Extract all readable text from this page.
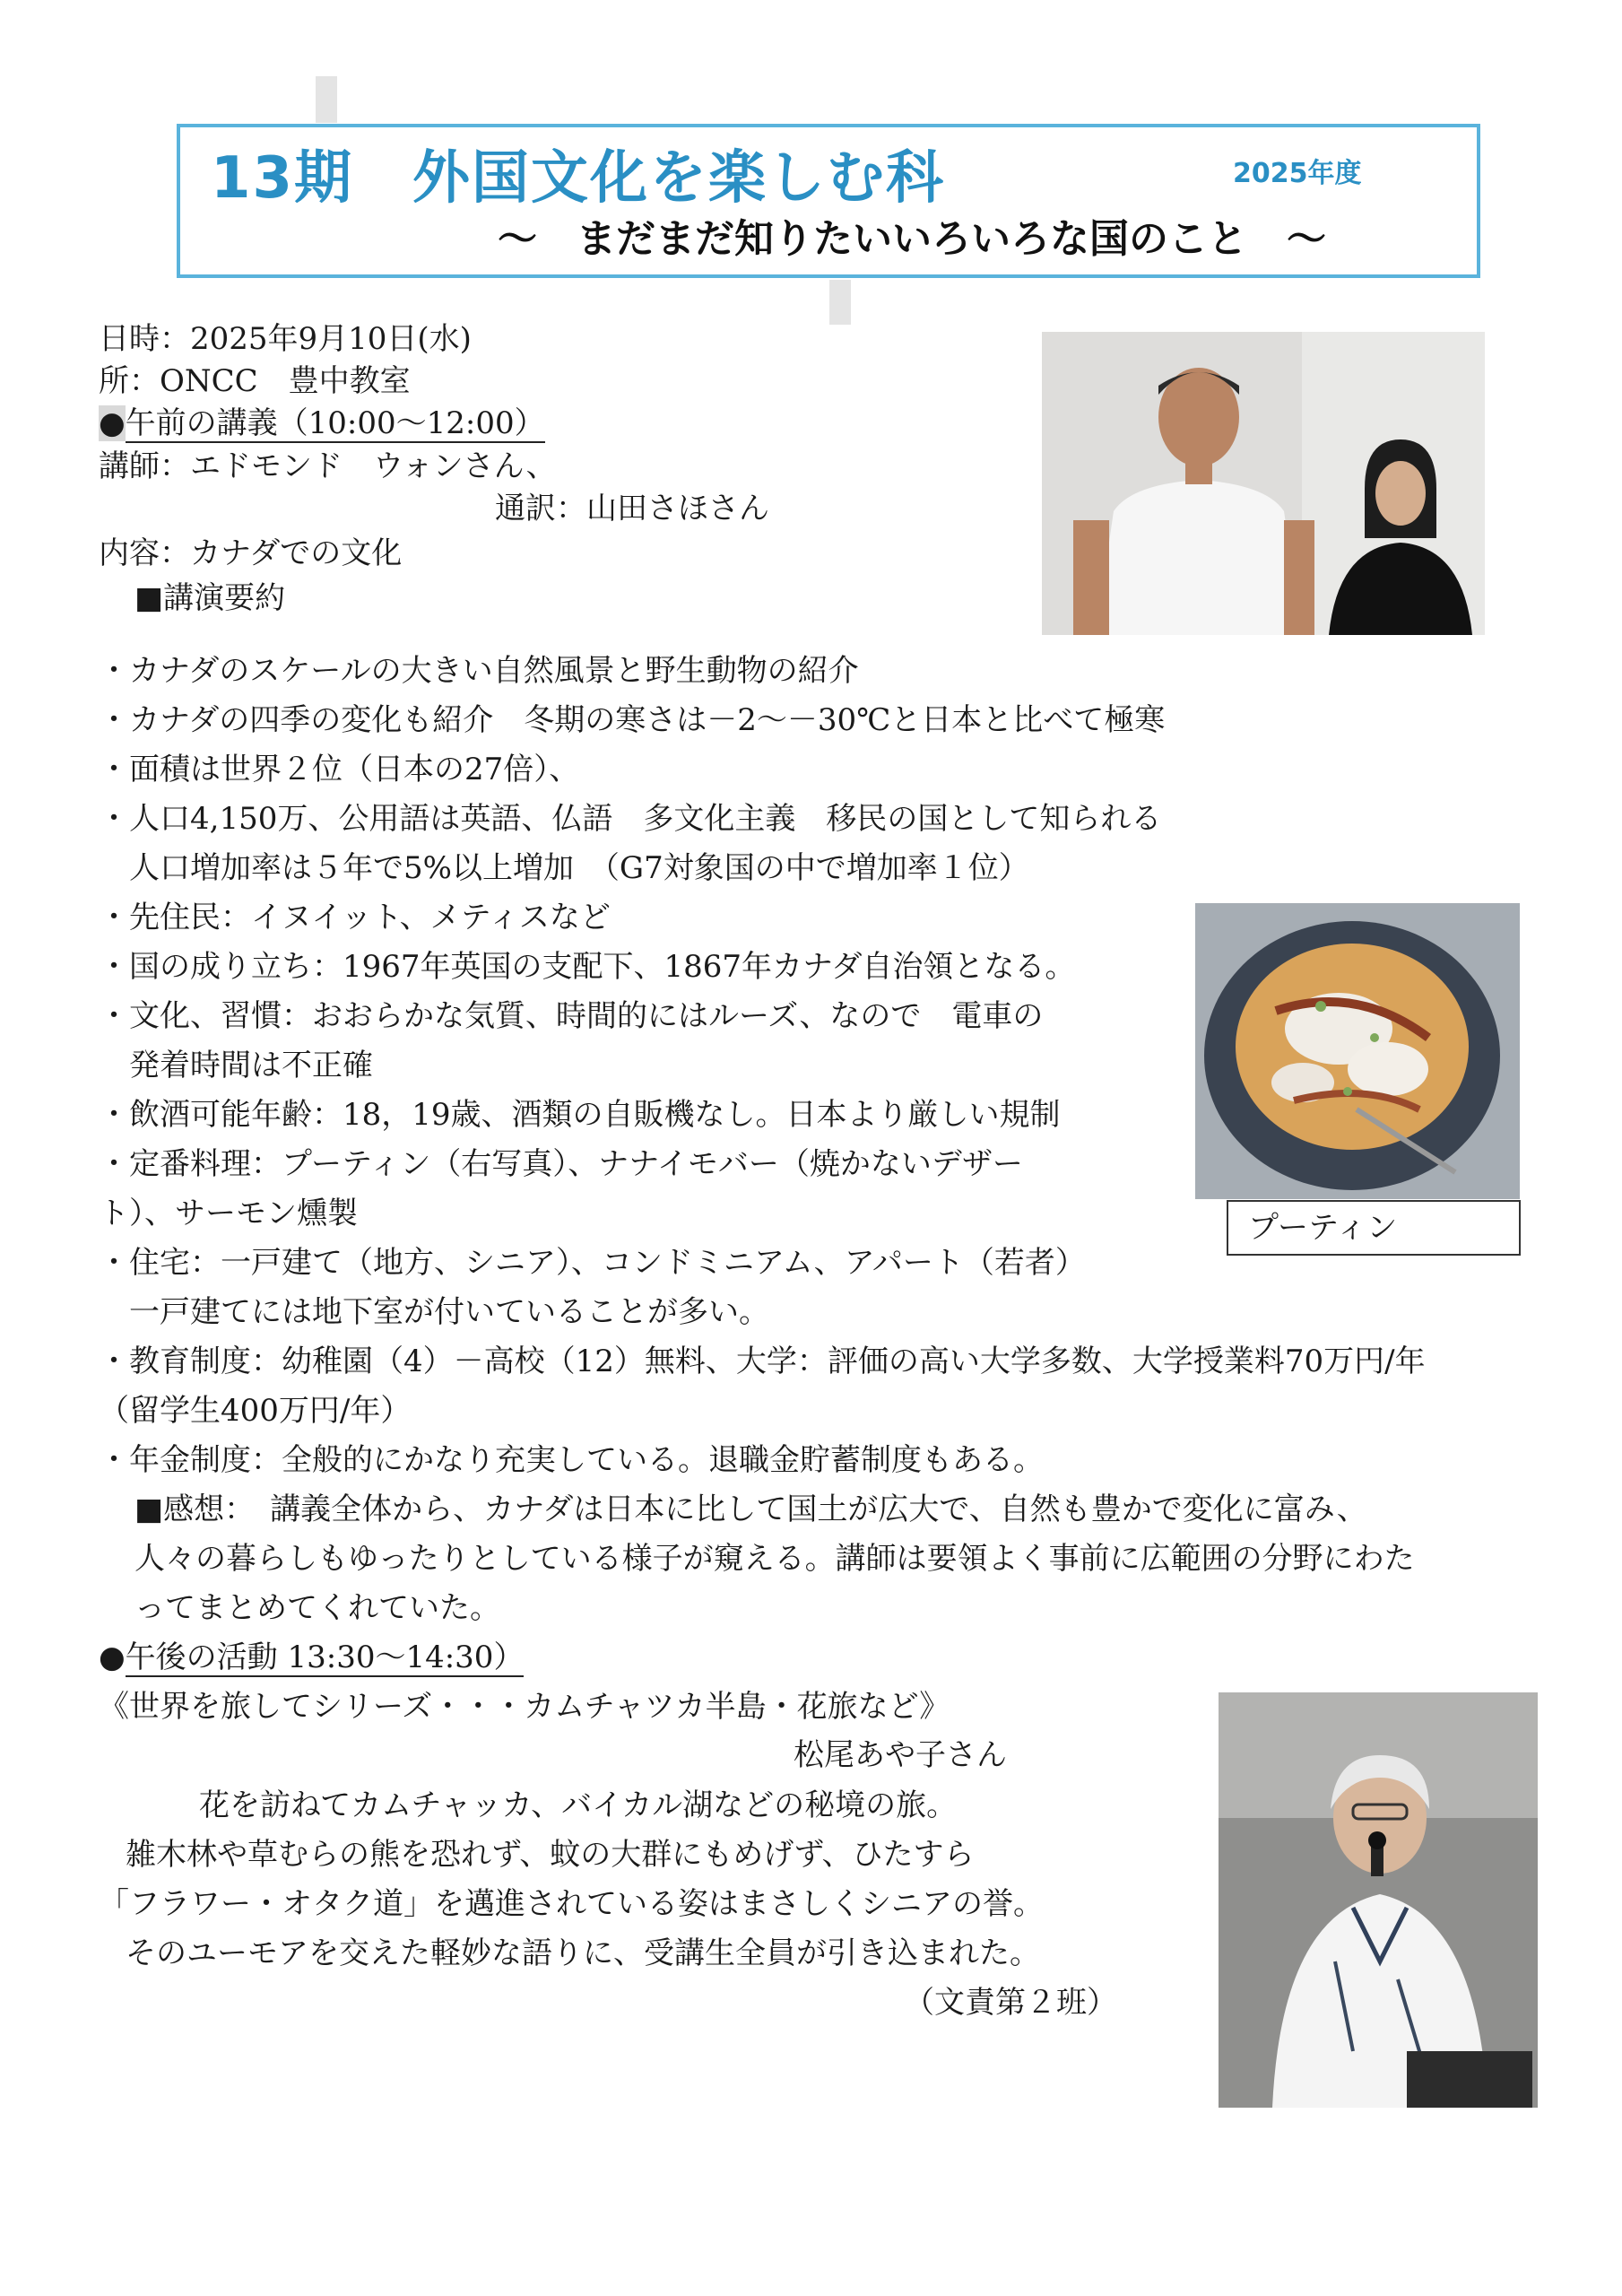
13期　外国文化を楽しむ科	2025年度
～　まだまだ知りたいいろいろな国のこと　～
日時：2025年9月10日(水)
所：ONCC　豊中教室
●午前の講義（10:00～12:00）
講師：エドモンド　ウォンさん、
通訳：山田さほさん
内容：カナダでの文化
■講演要約
・カナダのスケールの大きい自然風景と野生動物の紹介
・カナダの四季の変化も紹介　冬期の寒さは－2～－30℃と日本と比べて極寒
・面積は世界２位（日本の27倍）、
・人口4,150万、公用語は英語、仏語　多文化主義　移民の国として知られる
　人口増加率は５年で5%以上増加　（G7対象国の中で増加率１位）
・先住民：イヌイット、メティスなど
・国の成り立ち：1967年英国の支配下、1867年カナダ自治領となる。
・文化、習慣：おおらかな気質、時間的にはルーズ、なので　電車の
　発着時間は不正確
・飲酒可能年齢：18，19歳、酒類の自販機なし。日本より厳しい規制
・定番料理：プーティン（右写真）、ナナイモバー（焼かないデザー
ト）、サーモン燻製
・住宅：一戸建て（地方、シニア）、コンドミニアム、アパート（若者）
　一戸建てには地下室が付いていることが多い。
・教育制度：幼稚園（4）－高校（12）無料、大学：評価の高い大学多数、大学授業料70万円/年
（留学生400万円/年）
・年金制度：全般的にかなり充実している。退職金貯蓄制度もある。
■感想：　講義全体から、カナダは日本に比して国土が広大で、自然も豊かで変化に富み、
人々の暮らしもゆったりとしている様子が窺える。講師は要領よく事前に広範囲の分野にわた
ってまとめてくれていた。
●午後の活動 13:30～14:30）
《世界を旅してシリーズ・・・カムチャツカ半島・花旅など》
松尾あや子さん
花を訪ねてカムチャッカ、バイカル湖などの秘境の旅。
雑木林や草むらの熊を恐れず、蚊の大群にもめげず、ひたすら
「フラワー・オタク道」を邁進されている姿はまさしくシニアの誉。
そのユーモアを交えた軽妙な語りに、受講生全員が引き込まれた。
（文責第２班）
プーティン
